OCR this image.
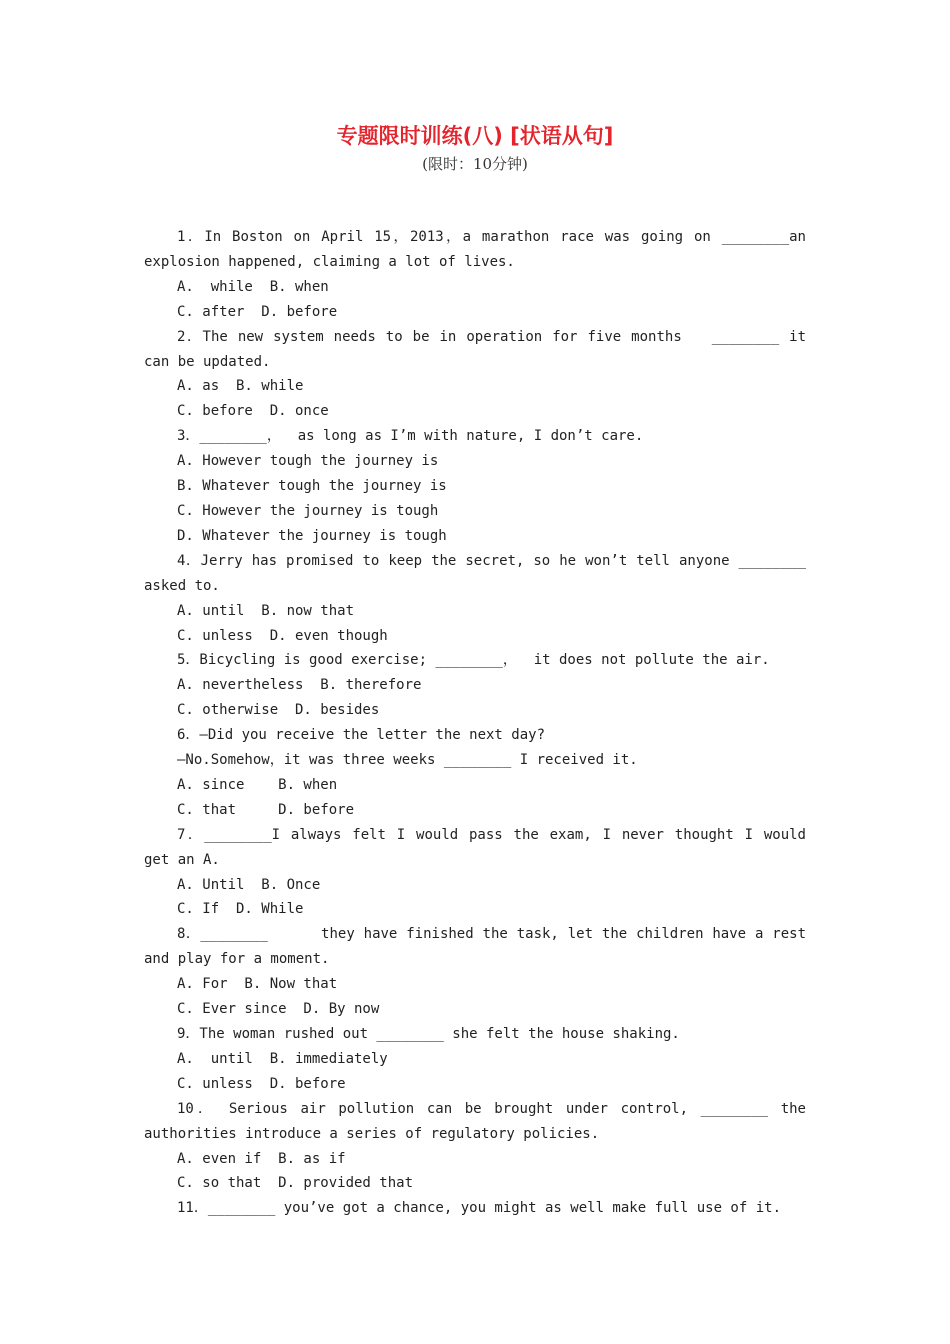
专题限时训练(八) [状语从句]
(限时：10分钟)

1．In Boston on April 15，2013，a marathon race was going on ________an explosion happened, claiming a lot of lives.

A.  while  B. when

C. after  D. before

2．The new system needs to be in operation for five months   ________ it can be updated.

A. as  B. while

C. before  D. once

3．________，  as long as I’m with nature, I don’t care.

A. However tough the journey is

B. Whatever tough the journey is

C. However the journey is tough

D. Whatever the journey is tough

4．Jerry has promised to keep the secret, so he won’t tell anyone ________ asked to.

A. until  B. now that

C. unless  D. even though

5．Bicycling is good exercise; ________，  it does not pollute the air.

A. nevertheless  B. therefore

C. otherwise  D. besides

6．—Did you receive the letter the next day?

—No.Somehow，it was three weeks ________ I received it.

A. since    B. when

C. that     D. before

7．________I always felt I would pass the exam, I never thought I would get an A.

A. Until  B. Once

C. If  D. While

8．________      they have finished the task, let the children have a rest and play for a moment.

A. For  B. Now that

C. Ever since  D. By now

9．The woman rushed out ________ she felt the house shaking.

A.  until  B. immediately

C. unless  D. before

10． Serious air pollution can be brought under control, ________ the authorities introduce a series of regulatory policies.

A. even if  B. as if

C. so that  D. provided that

11．________ you’ve got a chance, you might as well make full use of it.
